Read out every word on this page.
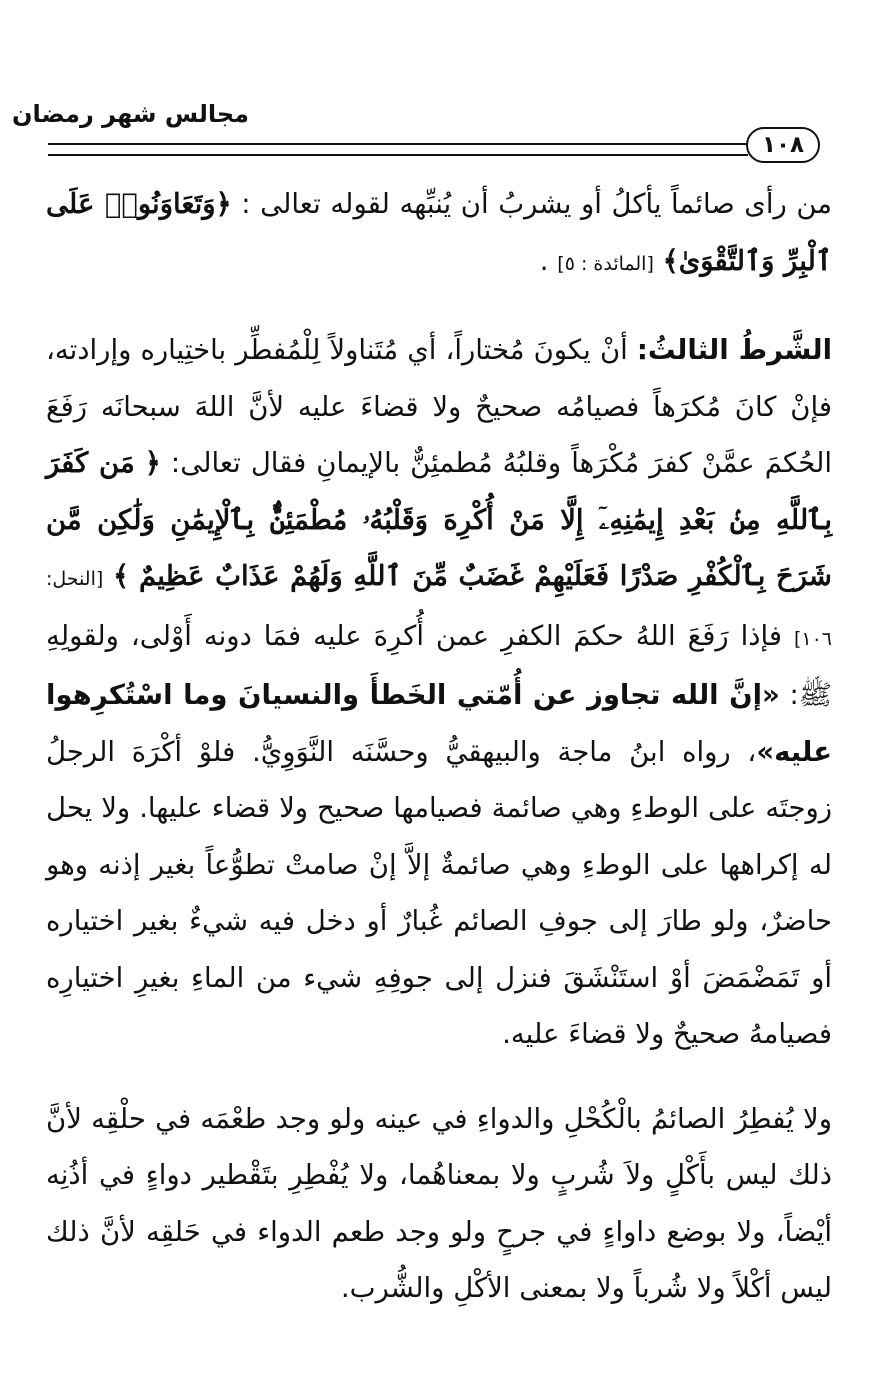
مجالس شهر رمضان
١٠٨

من رأى صائماً يأكلُ أو يشربُ أن يُنبِّهه لقوله تعالى : ﴿وَتَعَاوَنُوا۟ عَلَى ٱلْبِرِّ وَٱلتَّقْوَىٰ﴾ [المائدة : ٥] .

الشَّرطُ الثالثُ: أنْ يكونَ مُختاراً، أي مُتَناولاً لِلْمُفطِّر باختِياره وإرادته، فإنْ كانَ مُكرَهاً فصيامُه صحيحٌ ولا قضاءَ عليه لأنَّ اللهَ سبحانَه رَفَعَ الحُكمَ عمَّنْ كفرَ مُكْرَهاً وقلبُهُ مُطمئِنٌّ بالإيمانِ فقال تعالى: ﴿ مَن كَفَرَ بِٱللَّهِ مِنۢ بَعْدِ إِيمَٰنِهِۦٓ إِلَّا مَنْ أُكْرِهَ وَقَلْبُهُۥ مُطْمَئِنٌّۢ بِٱلْإِيمَٰنِ وَلَٰكِن مَّن شَرَحَ بِٱلْكُفْرِ صَدْرًا فَعَلَيْهِمْ غَضَبٌ مِّنَ ٱللَّهِ وَلَهُمْ عَذَابٌ عَظِيمٌ ﴾ [النحل: ١٠٦] فإذا رَفَعَ اللهُ حكمَ الكفرِ عمن أُكرِهَ عليه فمَا دونه أَوْلى، ولقولِهِ ﷺ: «إنَّ الله تجاوز عن أُمّتي الخَطأَ والنسيانَ وما اسْتُكرِهوا عليه»، رواه ابنُ ماجة والبيهقيُّ وحسَّنَه النَّوَوِيُّ. فلوْ أكْرَهَ الرجلُ زوجتَه على الوطءِ وهي صائمة فصيامها صحيح ولا قضاء عليها. ولا يحل له إكراهها على الوطءِ وهي صائمةٌ إلاَّ إنْ صامتْ تطوُّعاً بغير إذنه وهو حاضرٌ، ولو طارَ إلى جوفِ الصائم غُبارٌ أو دخل فيه شيءٌ بغير اختياره أو تَمَضْمَضَ أوْ استَنْشَقَ فنزل إلى جوفِهِ شيء من الماءِ بغيرِ اختيارِه فصيامهُ صحيحٌ ولا قضاءَ عليه.

ولا يُفطِرُ الصائمُ بالْكُحْلِ والدواءِ في عينه ولو وجد طعْمَه في حلْقِه لأنَّ ذلك ليس بأَكْلٍ ولاَ شُربٍ ولا بمعناهُما، ولا يُفْطِرِ بتَقْطير دواءٍ في أذُنِه أيْضاً، ولا بوضع داواءٍ في جرحٍ ولو وجد طعم الدواء في حَلقِه لأنَّ ذلك ليس أكْلاً ولا شُرباً ولا بمعنى الأكْلِ والشُّرب.
